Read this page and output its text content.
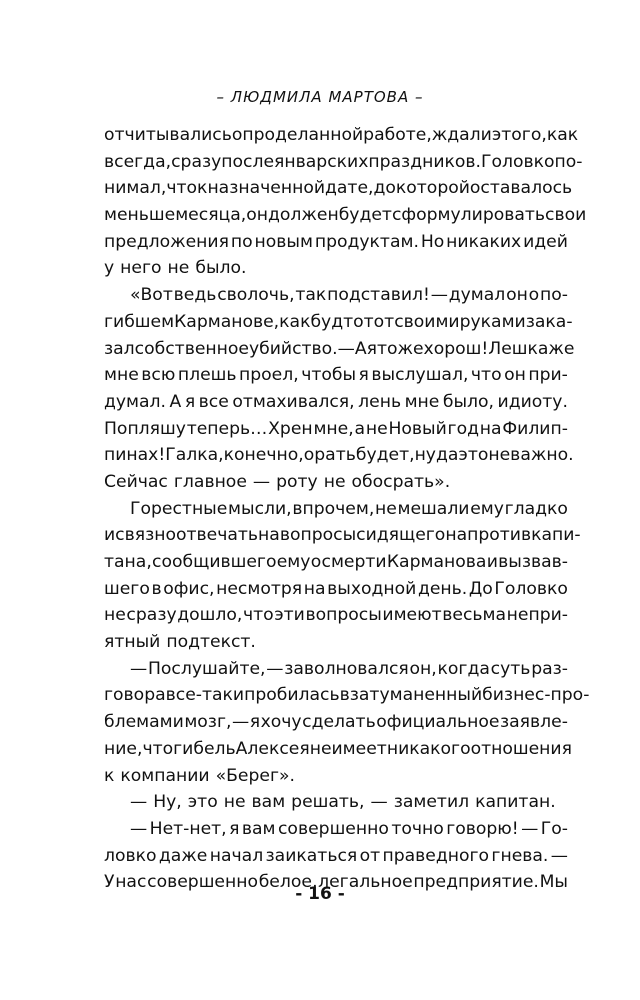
– ЛЮДМИЛА МАРТОВА –
отчитывались о проделанной работе, ждали этого, как
всегда, сразу после январских праздников. Головко по-
нимал, что к назначенной дате, до которой оставалось
меньше месяца, он должен будет сформулировать свои
предложения по новым продуктам. Но никаких идей
у него не было.
«Вот ведь сволочь, так подставил! — думал он о по-
гибшем Карманове, как будто тот своими руками зака-
зал собственное убийство. — А я тоже хорош! Лешка же
мне всю плешь проел, чтобы я выслушал, что он при-
думал. А я все отмахивался, лень мне было, идиоту.
Попляшу теперь… Хрен мне, а не Новый год на Филип-
пинах! Галка, конечно, орать будет, ну да это неважно.
Сейчас главное — роту не обосрать».
Горестные мысли, впрочем, не мешали ему гладко
и связно отвечать на вопросы сидящего напротив капи-
тана, сообщившего ему о смерти Карманова и вызвав-
шего в офис, несмотря на выходной день. До Головко
не сразу дошло, что эти вопросы имеют весьма непри-
ятный подтекст.
— Послушайте, — заволновался он, когда суть раз-
говора все-таки пробилась в затуманенный бизнес-про-
блемами мозг, — я хочу сделать официальное заявле-
ние, что гибель Алексея не имеет никакого отношения
к компании «Берег».
— Ну, это не вам решать, — заметил капитан.
— Нет-нет, я вам совершенно точно говорю! — Го-
ловко даже начал заикаться от праведного гнева. —
У нас совершенно белое, легальное предприятие. Мы
- 16 -
